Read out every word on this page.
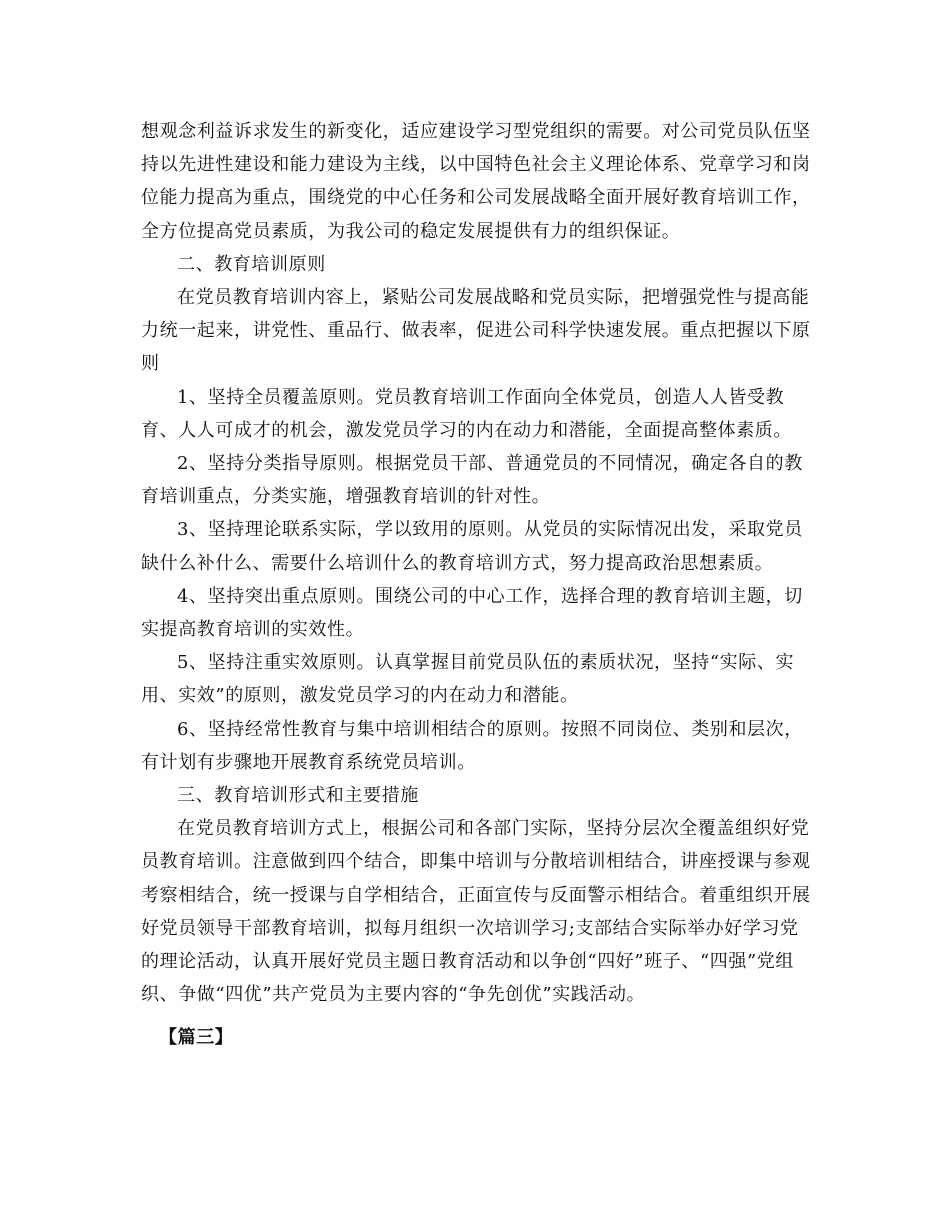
想观念利益诉求发生的新变化，适应建设学习型党组织的需要。对公司党员队伍坚持以先进性建设和能力建设为主线，以中国特色社会主义理论体系、党章学习和岗位能力提高为重点，围绕党的中心任务和公司发展战略全面开展好教育培训工作，全方位提高党员素质，为我公司的稳定发展提供有力的组织保证。

二、教育培训原则

在党员教育培训内容上，紧贴公司发展战略和党员实际，把增强党性与提高能力统一起来，讲党性、重品行、做表率，促进公司科学快速发展。重点把握以下原则

1、坚持全员覆盖原则。党员教育培训工作面向全体党员，创造人人皆受教育、人人可成才的机会，激发党员学习的内在动力和潜能，全面提高整体素质。

2、坚持分类指导原则。根据党员干部、普通党员的不同情况，确定各自的教育培训重点，分类实施，增强教育培训的针对性。

3、坚持理论联系实际，学以致用的原则。从党员的实际情况出发，采取党员缺什么补什么、需要什么培训什么的教育培训方式，努力提高政治思想素质。

4、坚持突出重点原则。围绕公司的中心工作，选择合理的教育培训主题，切实提高教育培训的实效性。

5、坚持注重实效原则。认真掌握目前党员队伍的素质状况，坚持“实际、实用、实效”的原则，激发党员学习的内在动力和潜能。

6、坚持经常性教育与集中培训相结合的原则。按照不同岗位、类别和层次，有计划有步骤地开展教育系统党员培训。

三、教育培训形式和主要措施

在党员教育培训方式上，根据公司和各部门实际，坚持分层次全覆盖组织好党员教育培训。注意做到四个结合，即集中培训与分散培训相结合，讲座授课与参观考察相结合，统一授课与自学相结合，正面宣传与反面警示相结合。着重组织开展好党员领导干部教育培训，拟每月组织一次培训学习;支部结合实际举办好学习党的理论活动，认真开展好党员主题日教育活动和以争创“四好”班子、“四强”党组织、争做“四优”共产党员为主要内容的“争先创优”实践活动。

【篇三】
